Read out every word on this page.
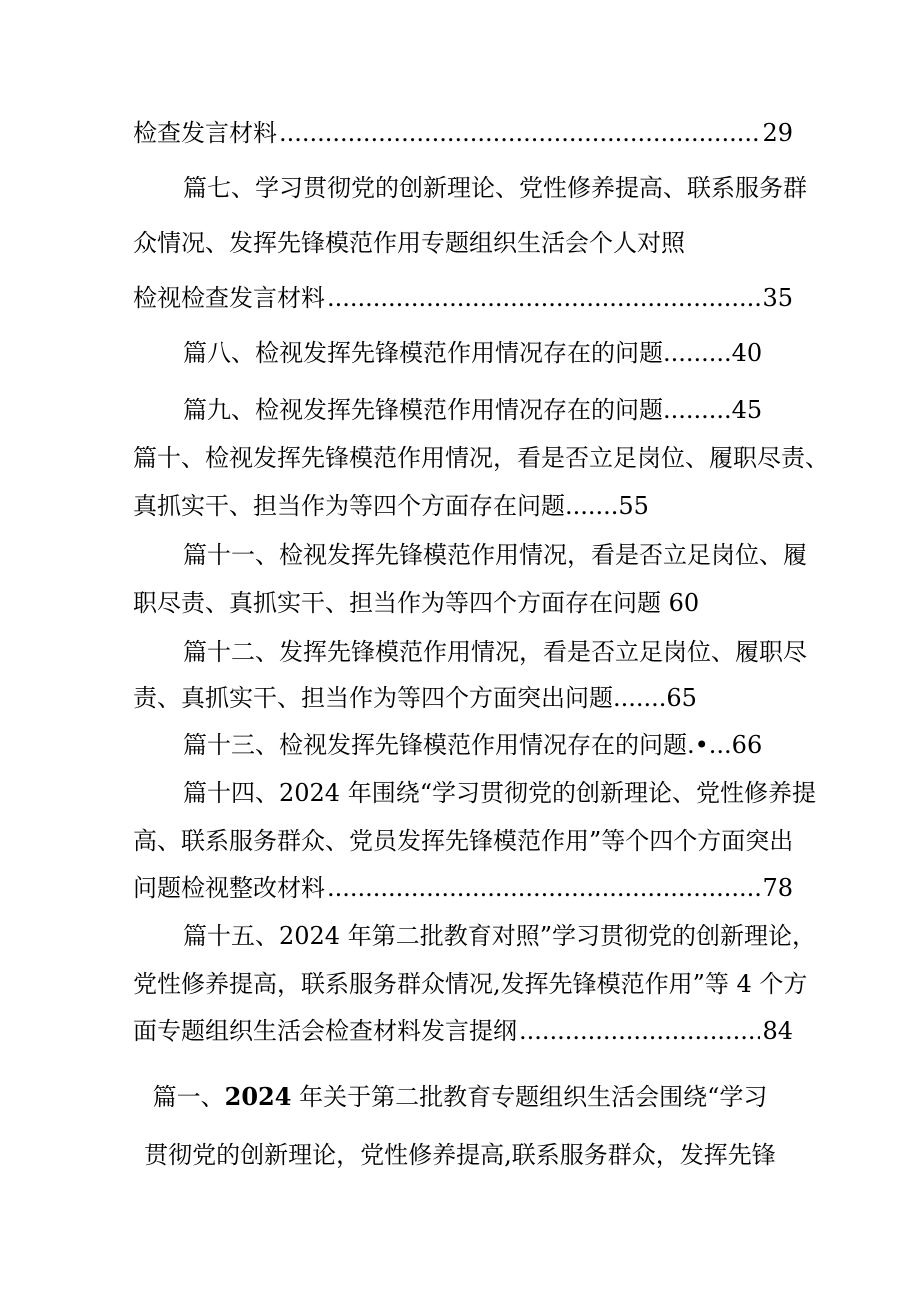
检查发言材料 .....	29
篇七、学习贯彻党的创新理论、党性修养提高、联系服务群
众情况、发挥先锋模范作用专题组织生活会个人对照
检视检查发言材料 .....	35
篇八、检视发挥先锋模范作用情况存在的问题.........40
篇九、检视发挥先锋模范作用情况存在的问题.........45
篇十、检视发挥先锋模范作用情况，看是否立足岗位、履职尽责、
真抓实干、担当作为等四个方面存在问题.......55
篇十一、检视发挥先锋模范作用情况，看是否立足岗位、履
职尽责、真抓实干、担当作为等四个方面存在问题 60
篇十二、发挥先锋模范作用情况，看是否立足岗位、履职尽
责、真抓实干、担当作为等四个方面突出问题.......65
篇十三、检视发挥先锋模范作用情况存在的问题.•...66
篇十四、2024 年围绕“学习贯彻党的创新理论、党性修养提
高、联系服务群众、党员发挥先锋模范作用”等个四个方面突出
问题检视整改材料 .....	78
篇十五、2024 年第二批教育对照”学习贯彻党的创新理论，
党性修养提高，联系服务群众情况,发挥先锋模范作用”等 4 个方
面专题组织生活会检查材料发言提纲 .....	84
篇一、2024 年关于第二批教育专题组织生活会围绕“学习
贯彻党的创新理论，党性修养提高,联系服务群众，发挥先锋
